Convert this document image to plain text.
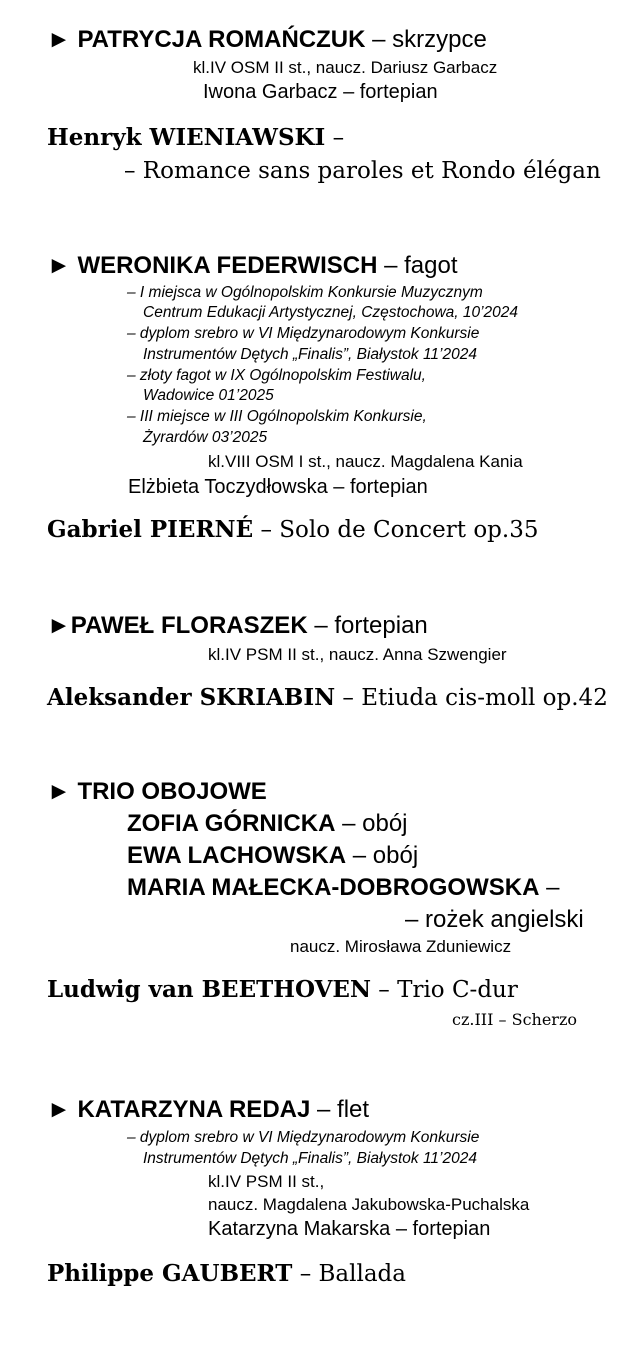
► PATRYCJA ROMAŃCZUK – skrzypce
kl.IV OSM II st., naucz. Dariusz Garbacz
Iwona Garbacz – fortepian
Henryk WIENIAWSKI –
– Romance sans paroles et Rondo élégan
► WERONIKA FEDERWISCH – fagot
– I miejsca w Ogólnopolskim Konkursie Muzycznym
Centrum Edukacji Artystycznej, Częstochowa, 10’2024
– dyplom srebro w VI Międzynarodowym Konkursie
Instrumentów Dętych „Finalis”, Białystok 11’2024
– złoty fagot w IX Ogólnopolskim Festiwalu,
Wadowice 01’2025
– III miejsce w III Ogólnopolskim Konkursie,
Żyrardów 03’2025
kl.VIII OSM I st., naucz. Magdalena Kania
Elżbieta Toczydłowska – fortepian
Gabriel PIERNÉ – Solo de Concert op.35
►PAWEŁ FLORASZEK – fortepian
kl.IV PSM II st., naucz. Anna Szwengier
Aleksander SKRIABIN – Etiuda cis-moll op.42
► TRIO OBOJOWE
ZOFIA GÓRNICKA – obój
EWA LACHOWSKA – obój
MARIA MAŁECKA-DOBROGOWSKA –
– rożek angielski
naucz. Mirosława Zduniewicz
Ludwig van BEETHOVEN – Trio C-dur
cz.III – Scherzo
► KATARZYNA REDAJ – flet
– dyplom srebro w VI Międzynarodowym Konkursie
Instrumentów Dętych „Finalis”, Białystok 11’2024
kl.IV PSM II st.,
naucz. Magdalena Jakubowska-Puchalska
Katarzyna Makarska – fortepian
Philippe GAUBERT – Ballada
